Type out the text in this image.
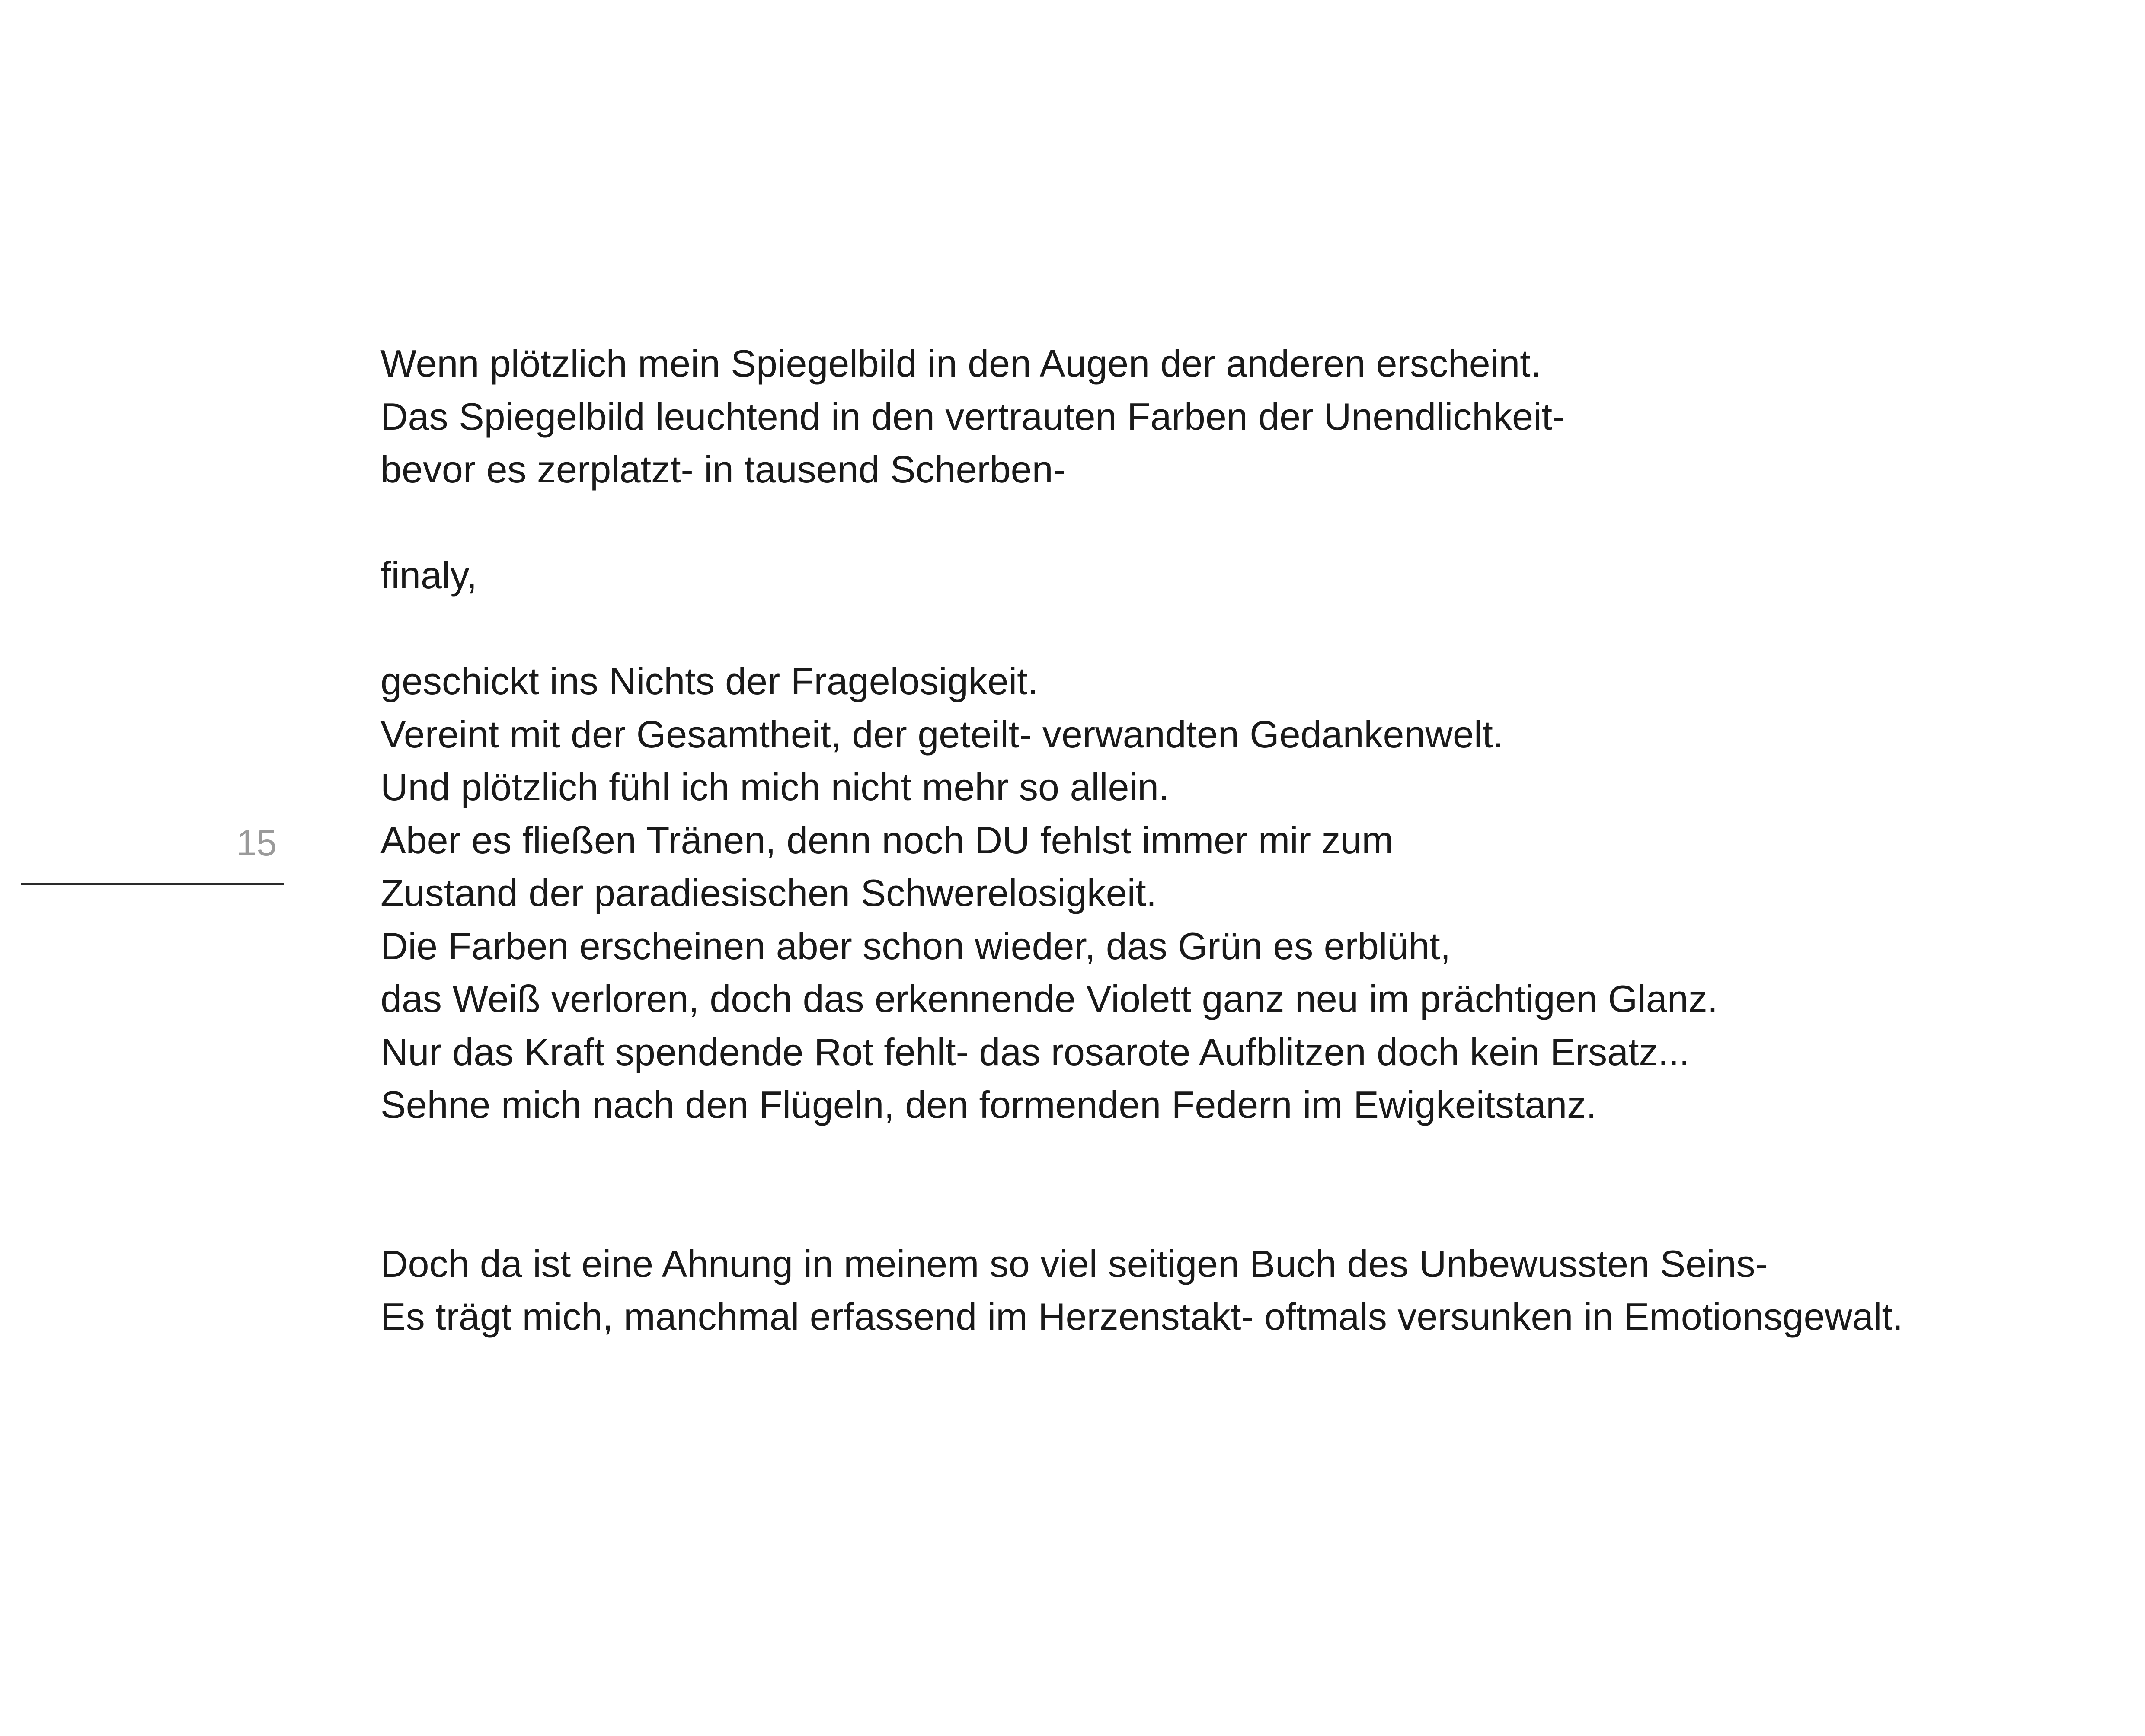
15
Wenn plötzlich mein Spiegelbild in den Augen der anderen erscheint.
Das Spiegelbild leuchtend in den vertrauten Farben der Unendlichkeit-
bevor es zerplatzt- in tausend Scherben-
finaly,
geschickt ins Nichts der Fragelosigkeit.
Vereint mit der Gesamtheit, der geteilt- verwandten Gedankenwelt.
Und plötzlich fühl ich mich nicht mehr so allein.
Aber es fließen Tränen, denn noch DU fehlst immer mir zum
Zustand der paradiesischen Schwerelosigkeit.
Die Farben erscheinen aber schon wieder, das Grün es erblüht,
das Weiß verloren, doch das erkennende Violett ganz neu im prächtigen Glanz.
Nur das Kraft spendende Rot fehlt- das rosarote Aufblitzen doch kein Ersatz...
Sehne mich nach den Flügeln, den formenden Federn im Ewigkeitstanz.
Doch da ist eine Ahnung in meinem so viel seitigen Buch des Unbewussten Seins-
Es trägt mich, manchmal erfassend im Herzenstakt- oftmals versunken in Emotionsgewalt.
